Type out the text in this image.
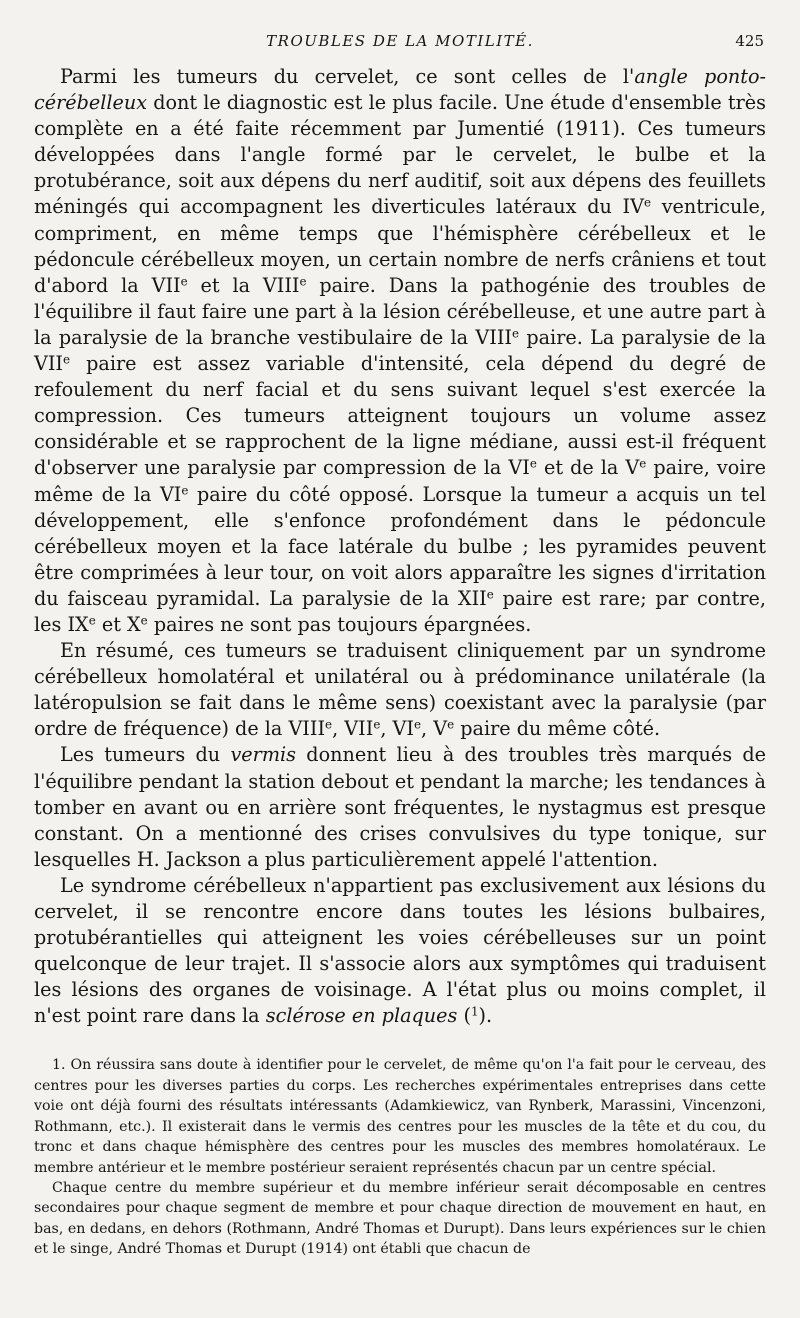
TROUBLES DE LA MOTILITÉ.	425

Parmi les tumeurs du cervelet, ce sont celles de l'angle ponto-cérébelleux dont le diagnostic est le plus facile. Une étude d'ensemble très complète en a été faite récemment par Jumentié (1911). Ces tumeurs développées dans l'angle formé par le cervelet, le bulbe et la protubérance, soit aux dépens du nerf auditif, soit aux dépens des feuillets méningés qui accompagnent les diverticules latéraux du IVe ventricule, compriment, en même temps que l'hémisphère cérébelleux et le pédoncule cérébelleux moyen, un certain nombre de nerfs crâniens et tout d'abord la VIIe et la VIIIe paire. Dans la pathogénie des troubles de l'équilibre il faut faire une part à la lésion cérébelleuse, et une autre part à la paralysie de la branche vestibulaire de la VIIIe paire. La paralysie de la VIIe paire est assez variable d'intensité, cela dépend du degré de refoulement du nerf facial et du sens suivant lequel s'est exercée la compression. Ces tumeurs atteignent toujours un volume assez considérable et se rapprochent de la ligne médiane, aussi est-il fréquent d'observer une paralysie par compression de la VIe et de la Ve paire, voire même de la VIe paire du côté opposé. Lorsque la tumeur a acquis un tel développement, elle s'enfonce profondément dans le pédoncule cérébelleux moyen et la face latérale du bulbe ; les pyramides peuvent être comprimées à leur tour, on voit alors apparaître les signes d'irritation du faisceau pyramidal. La paralysie de la XIIe paire est rare; par contre, les IXe et Xe paires ne sont pas toujours épargnées.

En résumé, ces tumeurs se traduisent cliniquement par un syndrome cérébelleux homolatéral et unilatéral ou à prédominance unilatérale (la latéropulsion se fait dans le même sens) coexistant avec la paralysie (par ordre de fréquence) de la VIIIe, VIIe, VIe, Ve paire du même côté.

Les tumeurs du vermis donnent lieu à des troubles très marqués de l'équilibre pendant la station debout et pendant la marche; les tendances à tomber en avant ou en arrière sont fréquentes, le nystagmus est presque constant. On a mentionné des crises convulsives du type tonique, sur lesquelles H. Jackson a plus particulièrement appelé l'attention.

Le syndrome cérébelleux n'appartient pas exclusivement aux lésions du cervelet, il se rencontre encore dans toutes les lésions bulbaires, protubérantielles qui atteignent les voies cérébelleuses sur un point quelconque de leur trajet. Il s'associe alors aux symptômes qui traduisent les lésions des organes de voisinage. A l'état plus ou moins complet, il n'est point rare dans la sclérose en plaques ($^1$).

1. On réussira sans doute à identifier pour le cervelet, de même qu'on l'a fait pour le cerveau, des centres pour les diverses parties du corps. Les recherches expérimentales entreprises dans cette voie ont déjà fourni des résultats intéressants (Adamkiewicz, van Rynberk, Marassini, Vincenzoni, Rothmann, etc.). Il existerait dans le vermis des centres pour les muscles de la tête et du cou, du tronc et dans chaque hémisphère des centres pour les muscles des membres homolatéraux. Le membre antérieur et le membre postérieur seraient représentés chacun par un centre spécial.

Chaque centre du membre supérieur et du membre inférieur serait décomposable en centres secondaires pour chaque segment de membre et pour chaque direction de mouvement en haut, en bas, en dedans, en dehors (Rothmann, André Thomas et Durupt). Dans leurs expériences sur le chien et le singe, André Thomas et Durupt (1914) ont établi que chacun de
